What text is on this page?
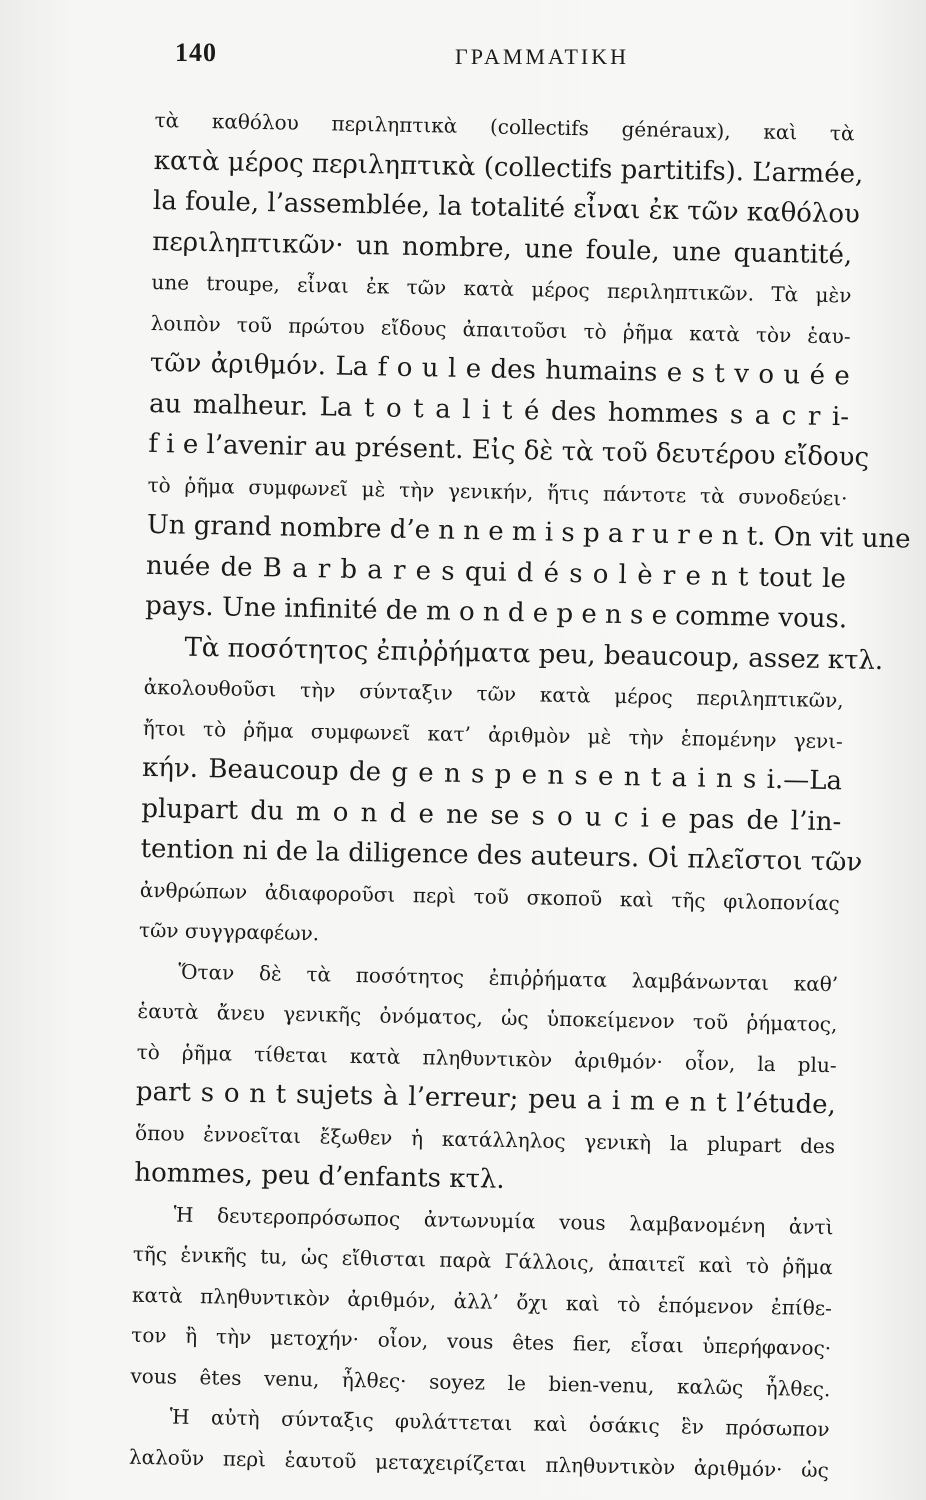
140	ΓΡΑΜΜΑΤΙΚΗ
τὰ καθόλου περιληπτικὰ (collectifs généraux), καὶ τὰ
κατὰ μέρος περιληπτικὰ (collectifs partitifs). L’armée,
la foule, l’assemblée, la totalité εἶναι ἐκ τῶν καθόλου
περιληπτικῶν· un nombre, une foule, une quantité,
une troupe, εἶναι ἐκ τῶν κατὰ μέρος περιληπτικῶν. Τὰ μὲν
λοιπὸν τοῦ πρώτου εἴδους ἀπαιτοῦσι τὸ ῥῆμα κατὰ τὸν ἑαυ-
τῶν ἀριθμόν. La f o u l e des humains e s t v o u é e
au malheur. La t o t a l i t é des hommes s a c r i-
f i e l’avenir au présent. Εἰς δὲ τὰ τοῦ δευτέρου εἴδους
τὸ ῥῆμα συμφωνεῖ μὲ τὴν γενικήν, ἥτις πάντοτε τὰ συνοδεύει·
Un grand nombre d’e n n e m i s p a r u r e n t. On vit une
nuée de B a r b a r e s qui d é s o l è r e n t tout le
pays. Une infinité de m o n d e p e n s e comme vous.
Τὰ ποσότητος ἐπιῤῥήματα peu, beaucoup, assez κτλ.
ἀκολουθοῦσι τὴν σύνταξιν τῶν κατὰ μέρος περιληπτικῶν,
ἤτοι τὸ ῥῆμα συμφωνεῖ κατ’ ἀριθμὸν μὲ τὴν ἑπομένην γενι-
κήν. Beaucoup de g e n s p e n s e n t a i n s i.—La
plupart du m o n d e ne se s o u c i e pas de l’in-
tention ni de la diligence des auteurs. Οἱ πλεῖστοι τῶν
ἀνθρώπων ἀδιαφοροῦσι περὶ τοῦ σκοποῦ καὶ τῆς φιλοπονίας
τῶν συγγραφέων.
Ὅταν δὲ τὰ ποσότητος ἐπιῤῥήματα λαμβάνωνται καθ’
ἑαυτὰ ἄνευ γενικῆς ὀνόματος, ὡς ὑποκείμενον τοῦ ῥήματος,
τὸ ῥῆμα τίθεται κατὰ πληθυντικὸν ἀριθμόν· οἷον, la plu-
part s o n t sujets à l’erreur; peu a i m e n t l’étude,
ὅπου ἐννοεῖται ἔξωθεν ἡ κατάλληλος γενικὴ la plupart des
hommes, peu d’enfants κτλ.
Ἡ δευτεροπρόσωπος ἀντωνυμία vous λαμβανομένη ἀντὶ
τῆς ἑνικῆς tu, ὡς εἴθισται παρὰ Γάλλοις, ἀπαιτεῖ καὶ τὸ ῥῆμα
κατὰ πληθυντικὸν ἀριθμόν, ἀλλ’ ὄχι καὶ τὸ ἑπόμενον ἐπίθε-
τον ἢ τὴν μετοχήν· οἷον, vous êtes fier, εἶσαι ὑπερήφανος·
vous êtes venu, ἦλθες· soyez le bien-venu, καλῶς ἦλθες.
Ἡ αὐτὴ σύνταξις φυλάττεται καὶ ὁσάκις ἓν πρόσωπον
λαλοῦν περὶ ἑαυτοῦ μεταχειρίζεται πληθυντικὸν ἀριθμόν· ὡς
